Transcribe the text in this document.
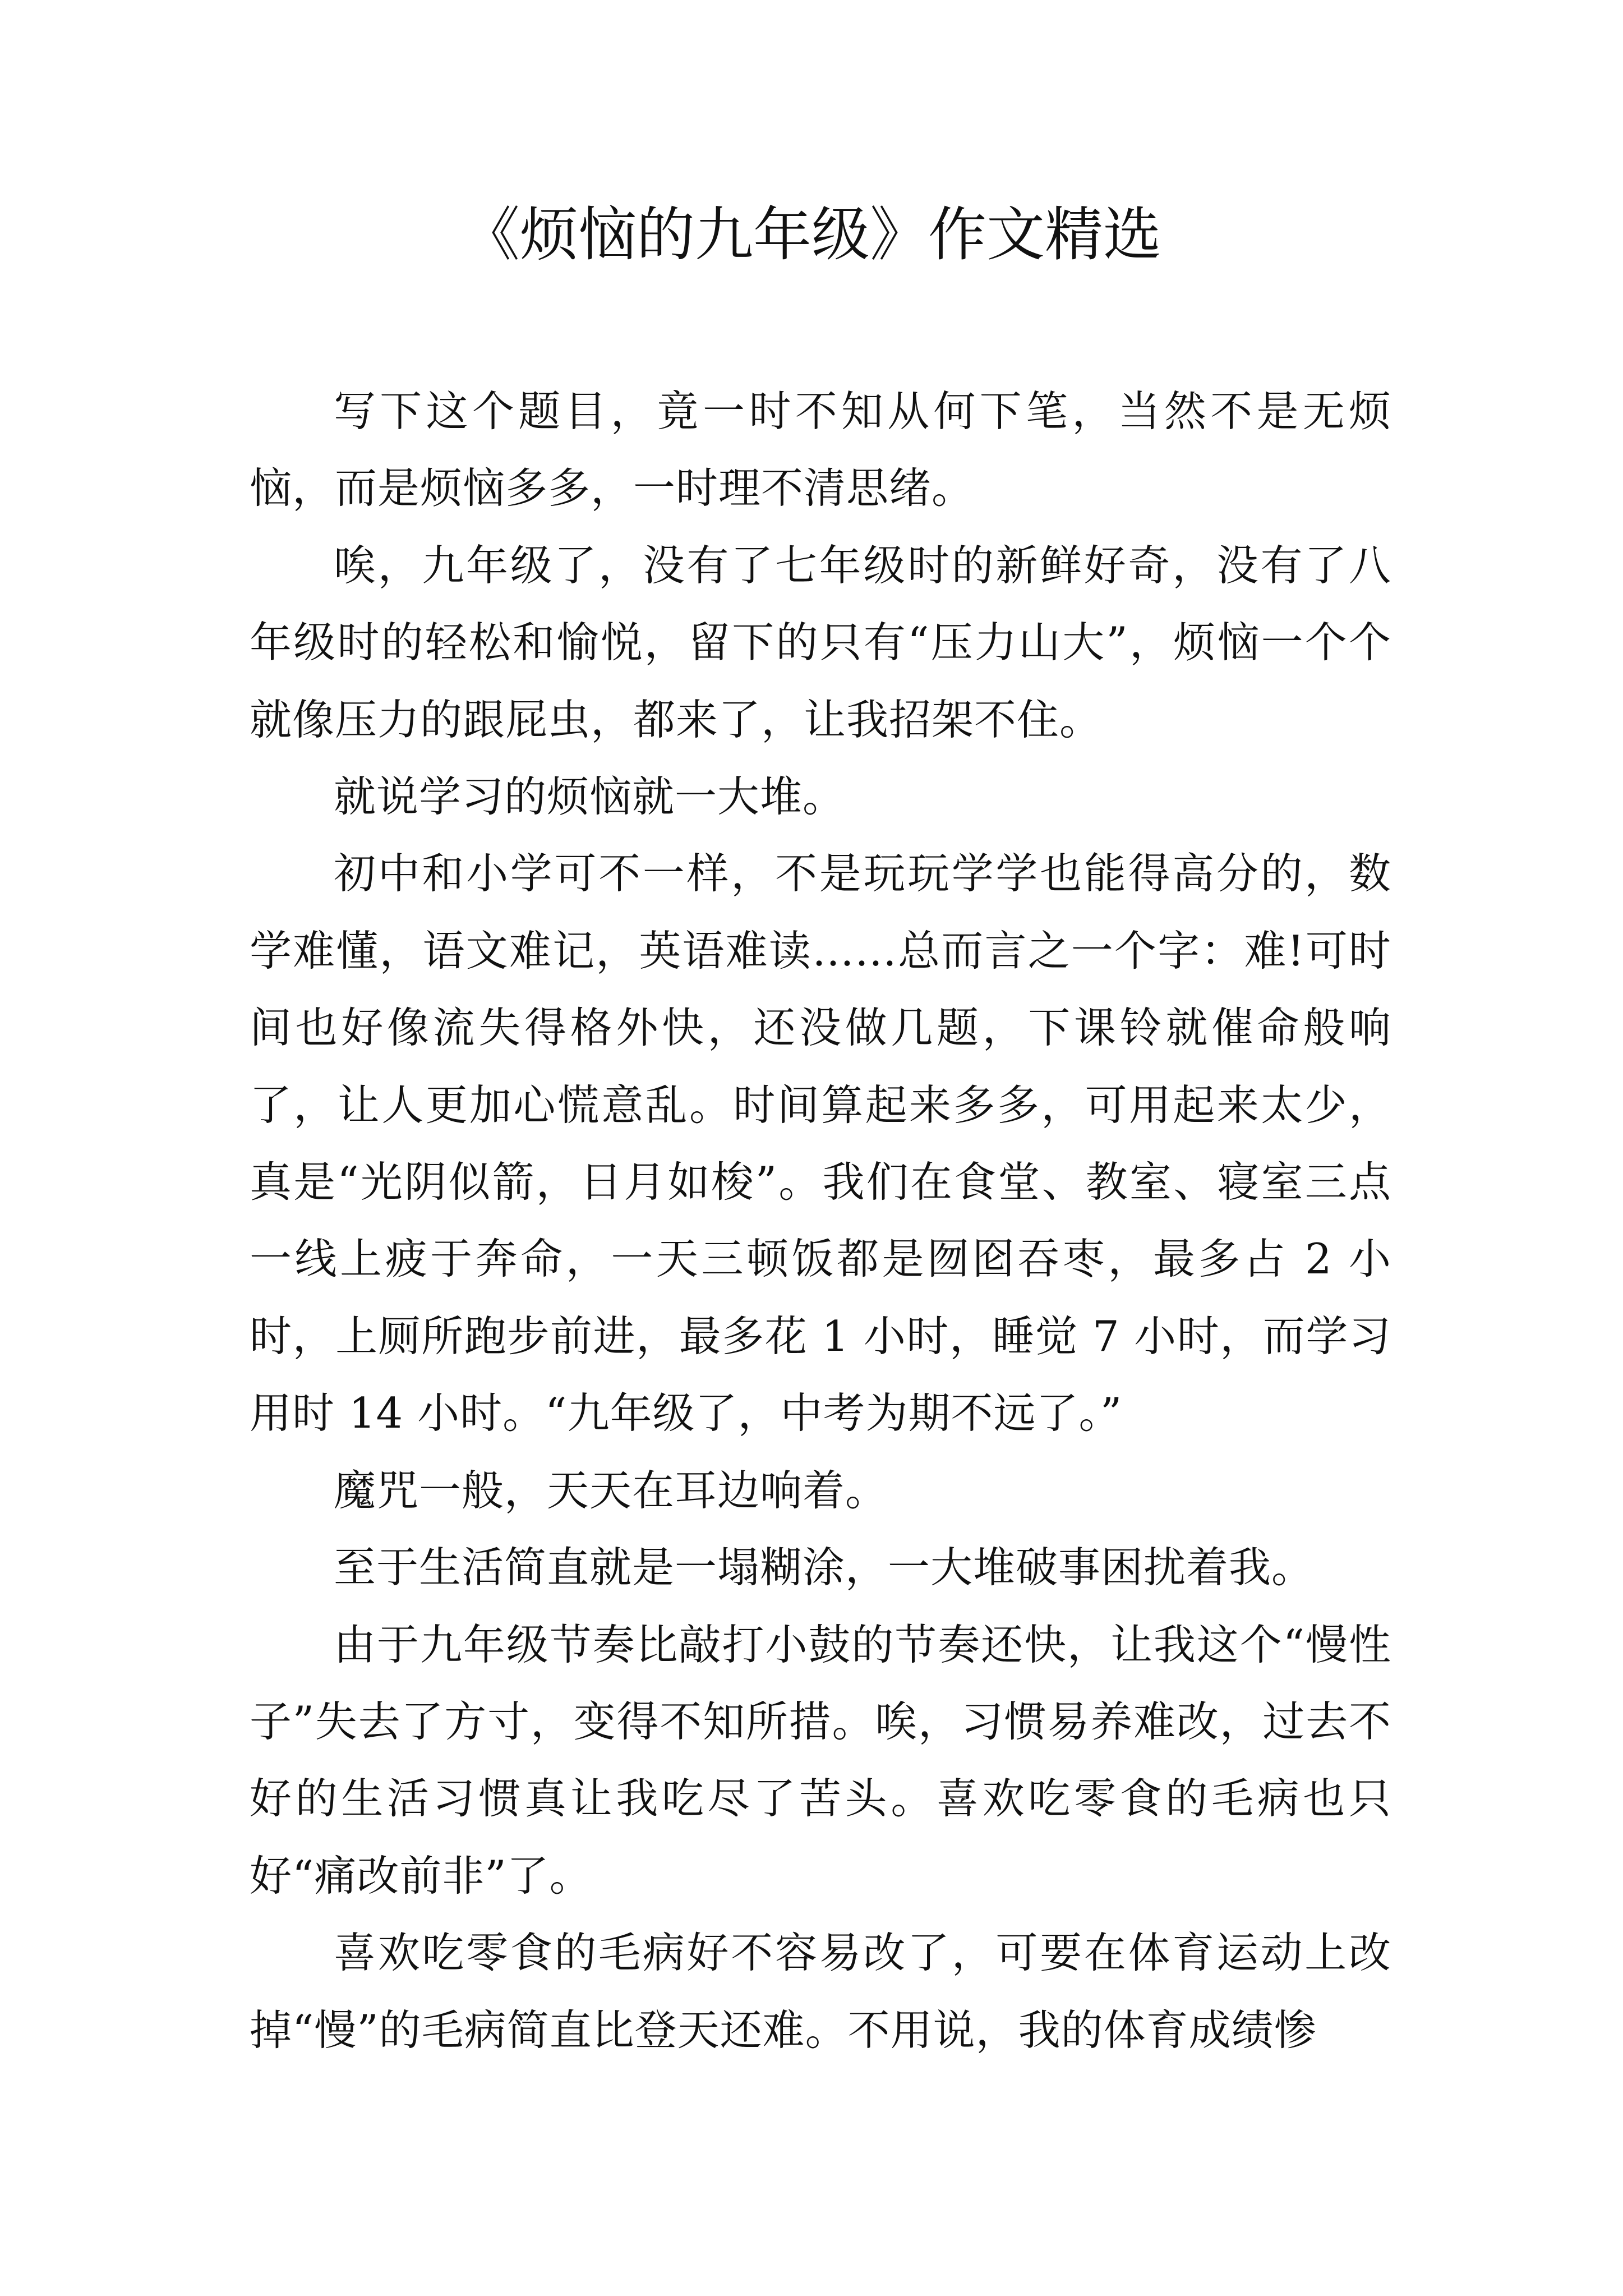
《烦恼的九年级》作文精选

写下这个题目，竟一时不知从何下笔，当然不是无烦恼，而是烦恼多多，一时理不清思绪。

唉，九年级了，没有了七年级时的新鲜好奇，没有了八年级时的轻松和愉悦，留下的只有“压力山大”，烦恼一个个就像压力的跟屁虫，都来了，让我招架不住。

就说学习的烦恼就一大堆。

初中和小学可不一样，不是玩玩学学也能得高分的，数学难懂，语文难记，英语难读……总而言之一个字：难!可时间也好像流失得格外快，还没做几题，下课铃就催命般响了，让人更加心慌意乱。时间算起来多多，可用起来太少，真是“光阴似箭，日月如梭”。我们在食堂、教室、寝室三点一线上疲于奔命，一天三顿饭都是囫囵吞枣，最多占 2 小时，上厕所跑步前进，最多花 1 小时，睡觉 7 小时，而学习用时 14 小时。“九年级了，中考为期不远了。”

魔咒一般，天天在耳边响着。

至于生活简直就是一塌糊涂，一大堆破事困扰着我。

由于九年级节奏比敲打小鼓的节奏还快，让我这个“慢性子”失去了方寸，变得不知所措。唉，习惯易养难改，过去不好的生活习惯真让我吃尽了苦头。喜欢吃零食的毛病也只好“痛改前非”了。

喜欢吃零食的毛病好不容易改了，可要在体育运动上改掉“慢”的毛病简直比登天还难。不用说，我的体育成绩惨
